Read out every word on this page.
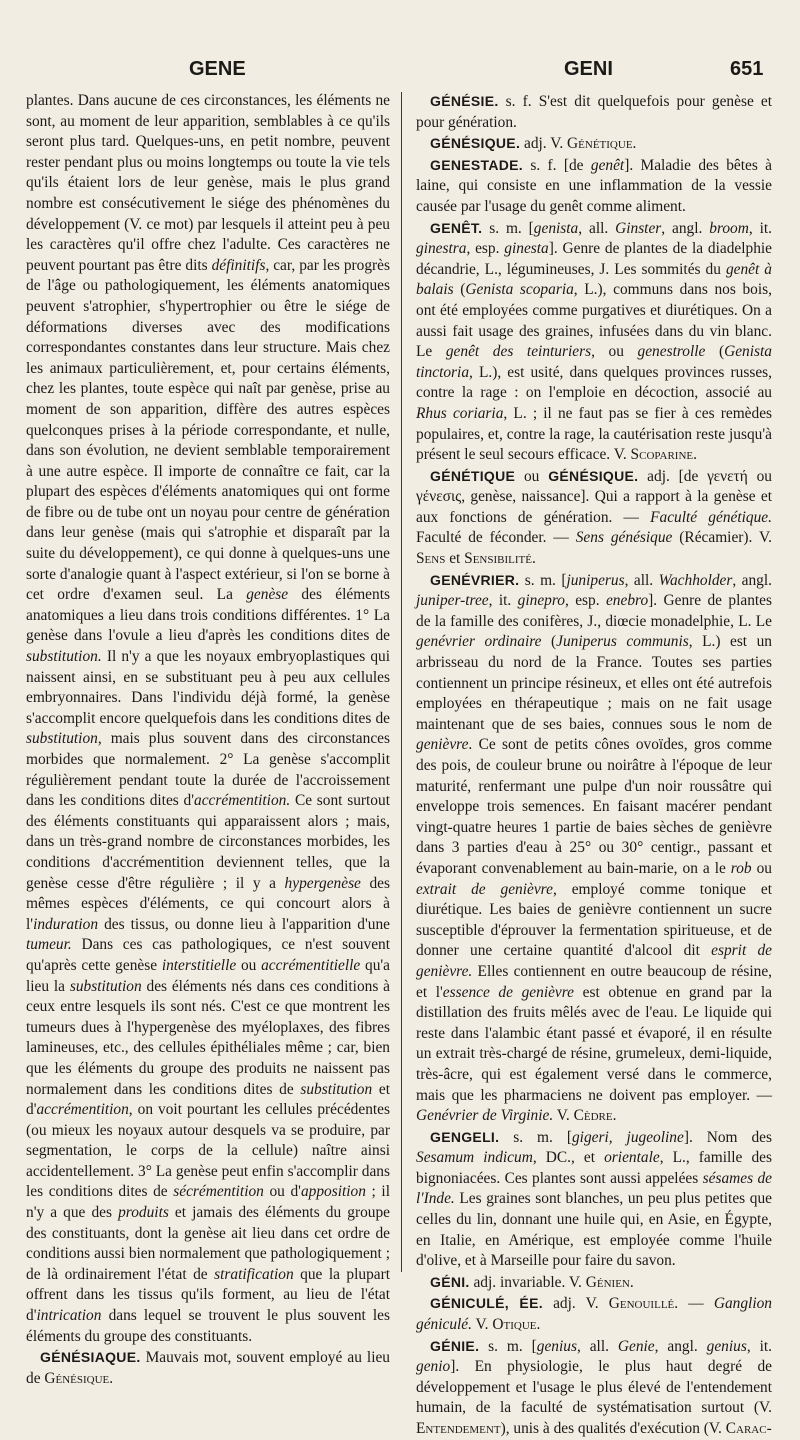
GENE	GENI	651

plantes. Dans aucune de ces circonstances, les éléments ne sont, au moment de leur apparition, semblables à ce qu'ils seront plus tard. Quelques-uns, en petit nombre, peuvent rester pendant plus ou moins longtemps ou toute la vie tels qu'ils étaient lors de leur genèse, mais le plus grand nombre est consécutivement le siége des phénomènes du développement (V. ce mot) par lesquels il atteint peu à peu les caractères qu'il offre chez l'adulte. Ces caractères ne peuvent pourtant pas être dits définitifs, car, par les progrès de l'âge ou pathologiquement, les éléments anatomiques peuvent s'atrophier, s'hypertrophier ou être le siége de déformations diverses avec des modifications correspondantes constantes dans leur structure. Mais chez les animaux particulièrement, et, pour certains éléments, chez les plantes, toute espèce qui naît par genèse, prise au moment de son apparition, diffère des autres espèces quelconques prises à la période correspondante, et nulle, dans son évolution, ne devient semblable temporairement à une autre espèce. Il importe de connaître ce fait, car la plupart des espèces d'éléments anatomiques qui ont forme de fibre ou de tube ont un noyau pour centre de génération dans leur genèse (mais qui s'atrophie et disparaît par la suite du développement), ce qui donne à quelques-uns une sorte d'analogie quant à l'aspect extérieur, si l'on se borne à cet ordre d'examen seul. La genèse des éléments anatomiques a lieu dans trois conditions différentes. 1° La genèse dans l'ovule a lieu d'après les conditions dites de substitution. Il n'y a que les noyaux embryoplastiques qui naissent ainsi, en se substituant peu à peu aux cellules embryonnaires. Dans l'individu déjà formé, la genèse s'accomplit encore quelquefois dans les conditions dites de substitution, mais plus souvent dans des circonstances morbides que normalement. 2° La genèse s'accomplit régulièrement pendant toute la durée de l'accroissement dans les conditions dites d'accrémentition. Ce sont surtout des éléments constituants qui apparaissent alors ; mais, dans un très-grand nombre de circonstances morbides, les conditions d'accrémentition deviennent telles, que la genèse cesse d'être régulière ; il y a hypergenèse des mêmes espèces d'éléments, ce qui concourt alors à l'induration des tissus, ou donne lieu à l'apparition d'une tumeur. Dans ces cas pathologiques, ce n'est souvent qu'après cette genèse interstitielle ou accrémentitielle qu'a lieu la substitution des éléments nés dans ces conditions à ceux entre lesquels ils sont nés. C'est ce que montrent les tumeurs dues à l'hypergenèse des myéloplaxes, des fibres lamineuses, etc., des cellules épithéliales même ; car, bien que les éléments du groupe des produits ne naissent pas normalement dans les conditions dites de substitution et d'accrémentition, on voit pourtant les cellules précédentes (ou mieux les noyaux autour desquels va se produire, par segmentation, le corps de la cellule) naître ainsi accidentellement. 3° La genèse peut enfin s'accomplir dans les conditions dites de sécrémentition ou d'apposition ; il n'y a que des produits et jamais des éléments du groupe des constituants, dont la genèse ait lieu dans cet ordre de conditions aussi bien normalement que pathologiquement ; de là ordinairement l'état de stratification que la plupart offrent dans les tissus qu'ils forment, au lieu de l'état d'intrication dans lequel se trouvent le plus souvent les éléments du groupe des constituants.

GÉNÉSIAQUE. Mauvais mot, souvent employé au lieu de Génésique.

GÉNÉSIE. s. f. S'est dit quelquefois pour genèse et pour génération.

GÉNÉSIQUE. adj. V. Génétique.

GENESTADE. s. f. [de genêt]. Maladie des bêtes à laine, qui consiste en une inflammation de la vessie causée par l'usage du genêt comme aliment.

GENÊT. s. m. [genista, all. Ginster, angl. broom, it. ginestra, esp. ginesta]. Genre de plantes de la diadelphie décandrie, L., légumineuses, J. Les sommités du genêt à balais (Genista scoparia, L.), communs dans nos bois, ont été employées comme purgatives et diurétiques. On a aussi fait usage des graines, infusées dans du vin blanc. Le genêt des teinturiers, ou genestrolle (Genista tinctoria, L.), est usité, dans quelques provinces russes, contre la rage : on l'emploie en décoction, associé au Rhus coriaria, L. ; il ne faut pas se fier à ces remèdes populaires, et, contre la rage, la cautérisation reste jusqu'à présent le seul secours efficace. V. Scoparine.

GÉNÉTIQUE ou GÉNÉSIQUE. adj. [de γενετή ou γένεσις, genèse, naissance]. Qui a rapport à la genèse et aux fonctions de génération. — Faculté génétique. Faculté de féconder. — Sens génésique (Récamier). V. Sens et Sensibilité.

GENÉVRIER. s. m. [juniperus, all. Wachholder, angl. juniper-tree, it. ginepro, esp. enebro]. Genre de plantes de la famille des conifères, J., diœcie monadelphie, L. Le genévrier ordinaire (Juniperus communis, L.) est un arbrisseau du nord de la France. Toutes ses parties contiennent un principe résineux, et elles ont été autrefois employées en thérapeutique ; mais on ne fait usage maintenant que de ses baies, connues sous le nom de genièvre. Ce sont de petits cônes ovoïdes, gros comme des pois, de couleur brune ou noirâtre à l'époque de leur maturité, renfermant une pulpe d'un noir roussâtre qui enveloppe trois semences. En faisant macérer pendant vingt-quatre heures 1 partie de baies sèches de genièvre dans 3 parties d'eau à 25° ou 30° centigr., passant et évaporant convenablement au bain-marie, on a le rob ou extrait de genièvre, employé comme tonique et diurétique. Les baies de genièvre contiennent un sucre susceptible d'éprouver la fermentation spiritueuse, et de donner une certaine quantité d'alcool dit esprit de genièvre. Elles contiennent en outre beaucoup de résine, et l'essence de genièvre est obtenue en grand par la distillation des fruits mêlés avec de l'eau. Le liquide qui reste dans l'alambic étant passé et évaporé, il en résulte un extrait très-chargé de résine, grumeleux, demi-liquide, très-âcre, qui est également versé dans le commerce, mais que les pharmaciens ne doivent pas employer. — Genévrier de Virginie. V. Cèdre.

GENGELI. s. m. [gigeri, jugeoline]. Nom des Sesamum indicum, DC., et orientale, L., famille des bignoniacées. Ces plantes sont aussi appelées sésames de l'Inde. Les graines sont blanches, un peu plus petites que celles du lin, donnant une huile qui, en Asie, en Égypte, en Italie, en Amérique, est employée comme l'huile d'olive, et à Marseille pour faire du savon.

GÉNI. adj. invariable. V. Génien.

GÉNICULÉ, ÉE. adj. V. Genouillé. — Ganglion géniculé. V. Otique.

GÉNIE. s. m. [genius, all. Genie, angl. genius, it. genio]. En physiologie, le plus haut degré de développement et l'usage le plus élevé de l'entendement humain, de la faculté de systématisation surtout (V. Entendement), unis à des qualités d'exécution (V. Carac-
